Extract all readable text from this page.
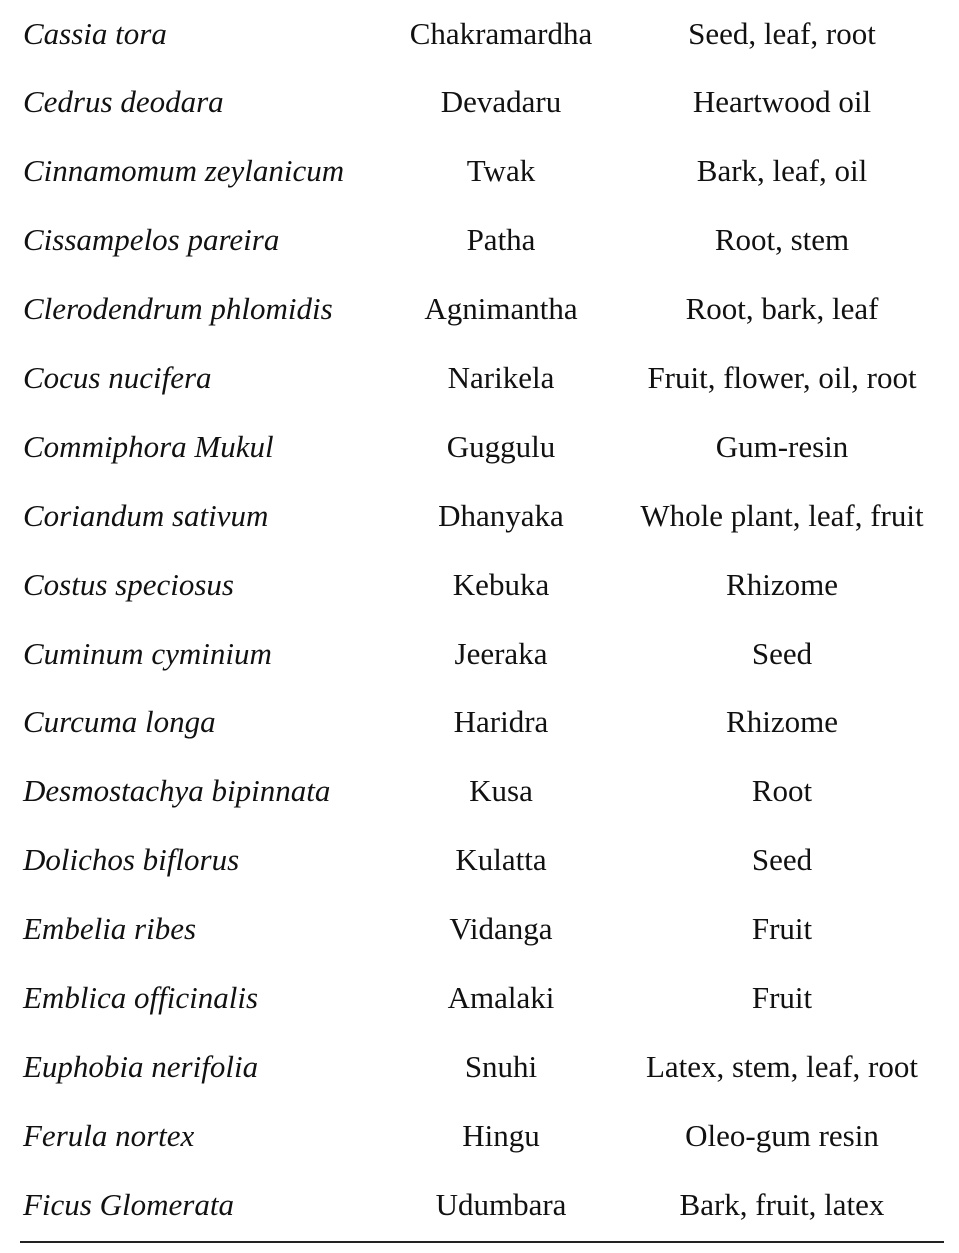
Cassia tora	Chakramardha	Seed, leaf, root
Cedrus deodara	Devadaru	Heartwood oil
Cinnamomum zeylanicum	Twak	Bark, leaf, oil
Cissampelos pareira	Patha	Root, stem
Clerodendrum phlomidis	Agnimantha	Root, bark, leaf
Cocus nucifera	Narikela	Fruit, flower, oil, root
Commiphora Mukul	Guggulu	Gum-resin
Coriandum sativum	Dhanyaka	Whole plant, leaf, fruit
Costus speciosus	Kebuka	Rhizome
Cuminum cyminium	Jeeraka	Seed
Curcuma longa	Haridra	Rhizome
Desmostachya bipinnata	Kusa	Root
Dolichos biflorus	Kulatta	Seed
Embelia ribes	Vidanga	Fruit
Emblica officinalis	Amalaki	Fruit
Euphobia nerifolia	Snuhi	Latex, stem, leaf, root
Ferula nortex	Hingu	Oleo-gum resin
Ficus Glomerata	Udumbara	Bark, fruit, latex
